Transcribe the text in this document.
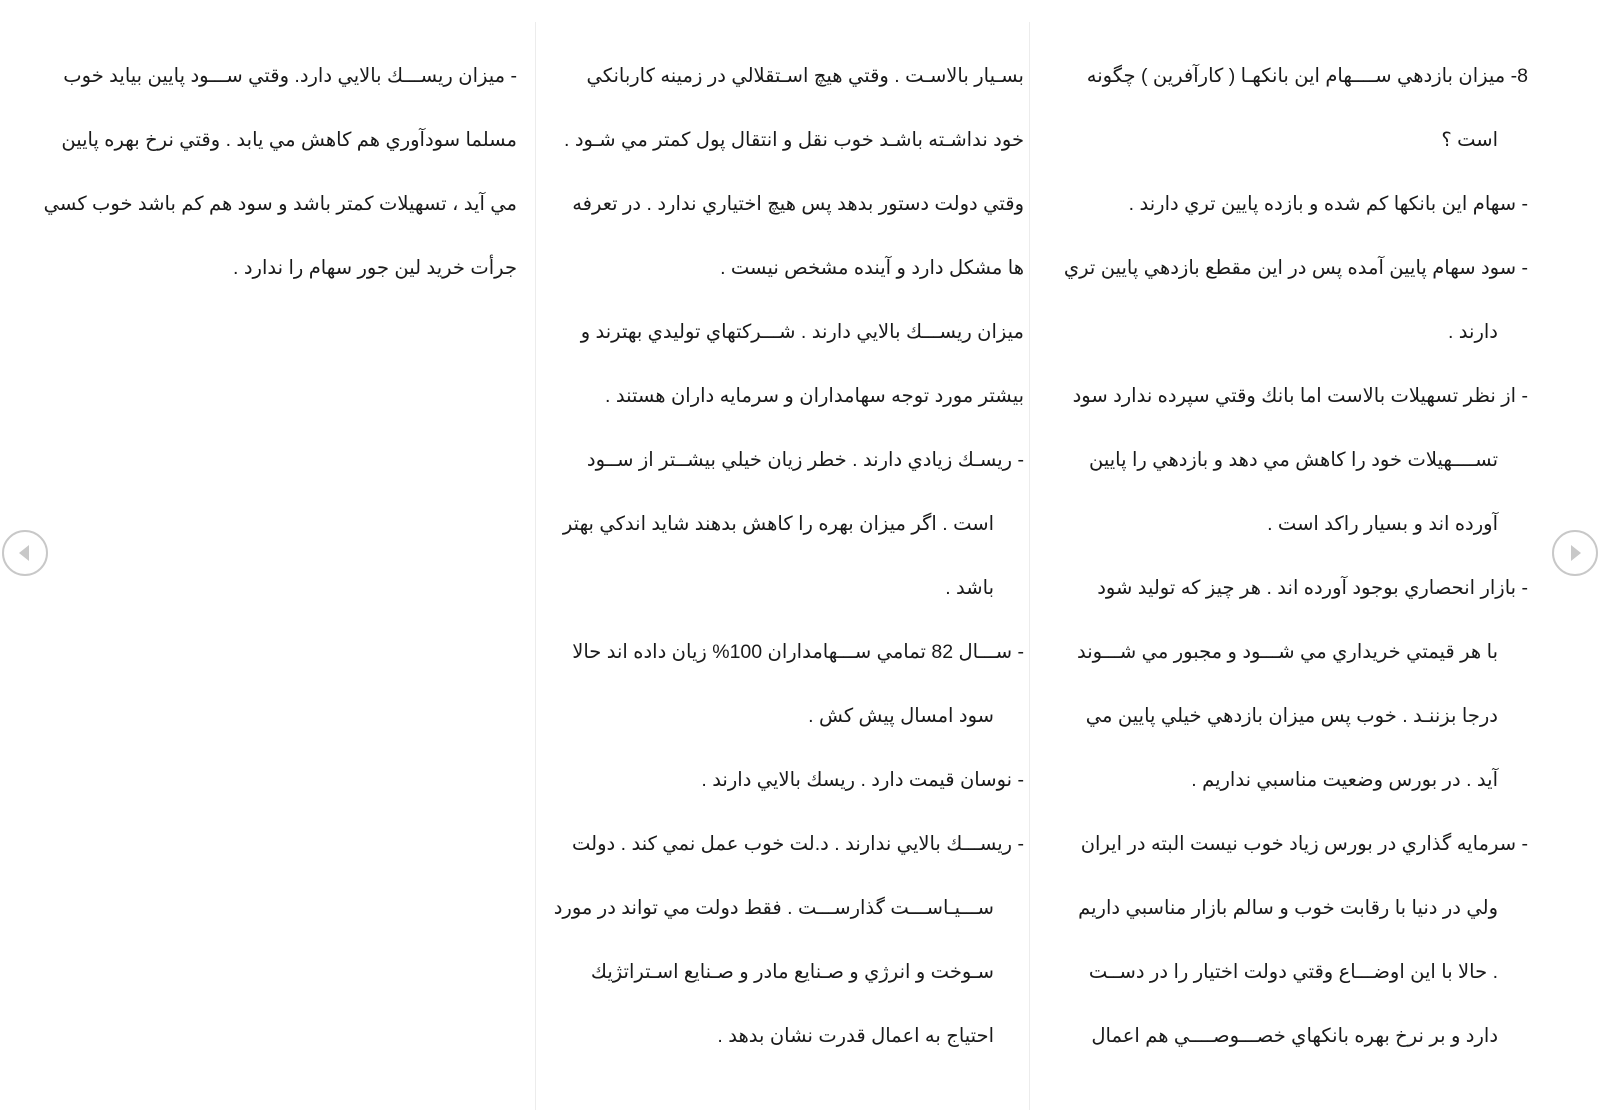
8- ميزان بازدهي ســــهام اين بانكهـا ( كارآفرين ) چگونه

است ؟

- سهام اين بانكها كم شده و بازده پايين تري دارند .

- سود سهام پايين آمده پس در اين مقطع بازدهي پايين تري

دارند .

- از نظر تسهيلات بالاست اما بانك وقتي سپرده ندارد سود

تســــهيلات خود را كاهش مي دهد و بازدهي را پايين

آورده اند و بسيار راكد است .

- بازار انحصاري بوجود آورده اند . هر چيز كه توليد شود

با هر قيمتي خريداري مي شـــود و مجبور مي شـــوند

درجا بزننـد . خوب پس ميزان بازدهي خيلي پايين مي

آيد . در بورس وضعيت مناسبي نداريم .

- سرمايه گذاري در بورس زياد خوب نيست البته در ايران

ولي در دنيا با رقابت خوب و سالم بازار مناسبي داريم

. حالا با اين اوضـــاع وقتي دولت اختيار را در دســت

دارد و بر نرخ بهره بانكهاي خصـــوصــــي هم اعمال

بسـيار بالاسـت . وقتي هيچ اسـتقلالي در زمينه كاربانكي

خود نداشـته باشـد خوب نقل و انتقال پول كمتر مي شـود .

وقتي دولت دستور بدهد پس هيچ اختياري ندارد . در تعرفه

ها مشكل دارد و آينده مشخص نيست .

ميزان ريســـك بالايي دارند . شـــركتهاي توليدي بهترند و

بيشتر مورد توجه سهامداران و سرمايه داران هستند .

- ريسـك زيادي دارند . خطر زيان خيلي بيشــتر از ســود

است . اگر ميزان بهره را كاهش بدهند شايد اندكي بهتر

باشد .

- ســـال 82 تمامي ســـهامداران 100% زيان داده اند حالا

سود امسال پيش كش .

- نوسان قيمت دارد . ريسك بالايي دارند .

- ريســـك بالايي ندارند . د.لت خوب عمل نمي كند . دولت

ســـيـاســـت گذارســـت . فقط دولت مي تواند در مورد

سـوخت و انرژي و صـنايع مادر و صـنايع اسـتراتژيك

احتياج به اعمال قدرت نشان بدهد .

- ميزان ريســـك بالايي دارد. وقتي ســـود پايين بيايد خوب

مسلما سودآوري هم كاهش مي يابد . وقتي نرخ بهره پايين

مي آيد ، تسهيلات كمتر باشد و سود هم كم باشد خوب كسي

جرأت خريد لين جور سهام را ندارد .
